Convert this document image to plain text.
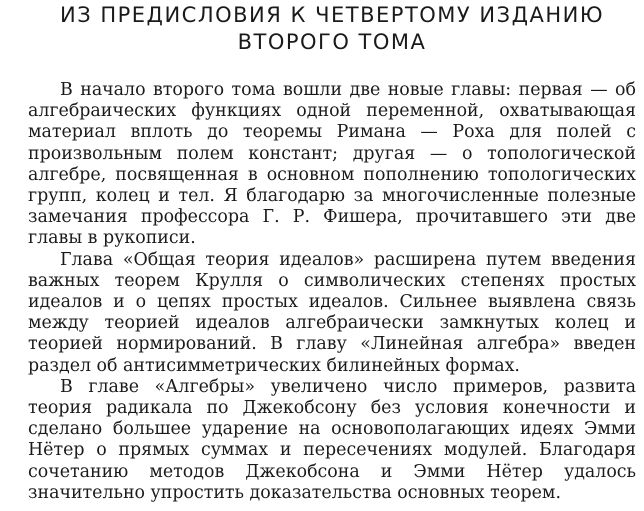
ИЗ ПРЕДИСЛОВИЯ К ЧЕТВЕРТОМУ ИЗДАНИЮ
ВТОРОГО ТОМА

В начало второго тома вошли две новые главы: первая — об алгебраических функциях одной переменной, охватывающая материал вплоть до теоремы Римана — Роха для полей с произвольным полем констант; другая — о топологической алгебре, посвященная в основном пополнению топологических групп, колец и тел. Я благодарю за многочисленные полезные замечания профессора Г. Р. Фишера, прочитавшего эти две главы в рукописи.

Глава «Общая теория идеалов» расширена путем введения важных теорем Крулля о символических степенях простых идеалов и о цепях простых идеалов. Сильнее выявлена связь между теорией идеалов алгебраически замкнутых колец и теорией нормирований. В главу «Линейная алгебра» введен раздел об антисимметрических билинейных формах.

В главе «Алгебры» увеличено число примеров, развита теория радикала по Джекобсону без условия конечности и сделано большее ударение на основополагающих идеях Эмми Нётер о прямых суммах и пересечениях модулей. Благодаря сочетанию методов Джекобсона и Эмми Нётер удалось значительно упростить доказательства основных теорем.
